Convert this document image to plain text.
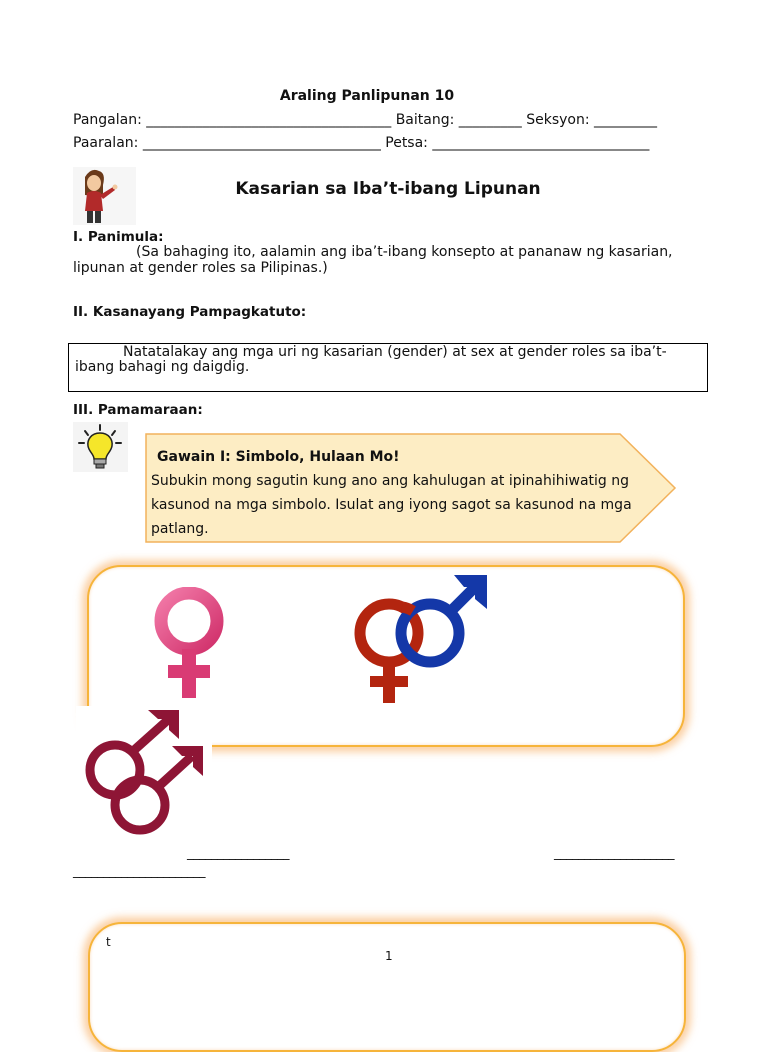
Araling Panlipunan 10
Pangalan: ___________________________________ Baitang: _________ Seksyon: _________
Paaralan: __________________________________ Petsa: _______________________________
Kasarian sa Iba’t-ibang Lipunan
I. Panimula:
(Sa bahaging ito, aalamin ang iba’t-ibang konsepto at pananaw ng kasarian,
lipunan at gender roles sa Pilipinas.)
II. Kasanayang Pampagkatuto:
Natatalakay ang mga uri ng kasarian (gender) at sex at gender roles sa iba’t-
ibang bahagi ng daigdig.
III. Pamamaraan:
Gawain I: Simbolo, Hulaan Mo!
Subukin mong sagutin kung ano ang kahulugan at ipinahihiwatig ng
kasunod na mga simbolo. Isulat ang iyong sagot sa kasunod na mga
patlang.
_________________	____________________
______________________
t
1
